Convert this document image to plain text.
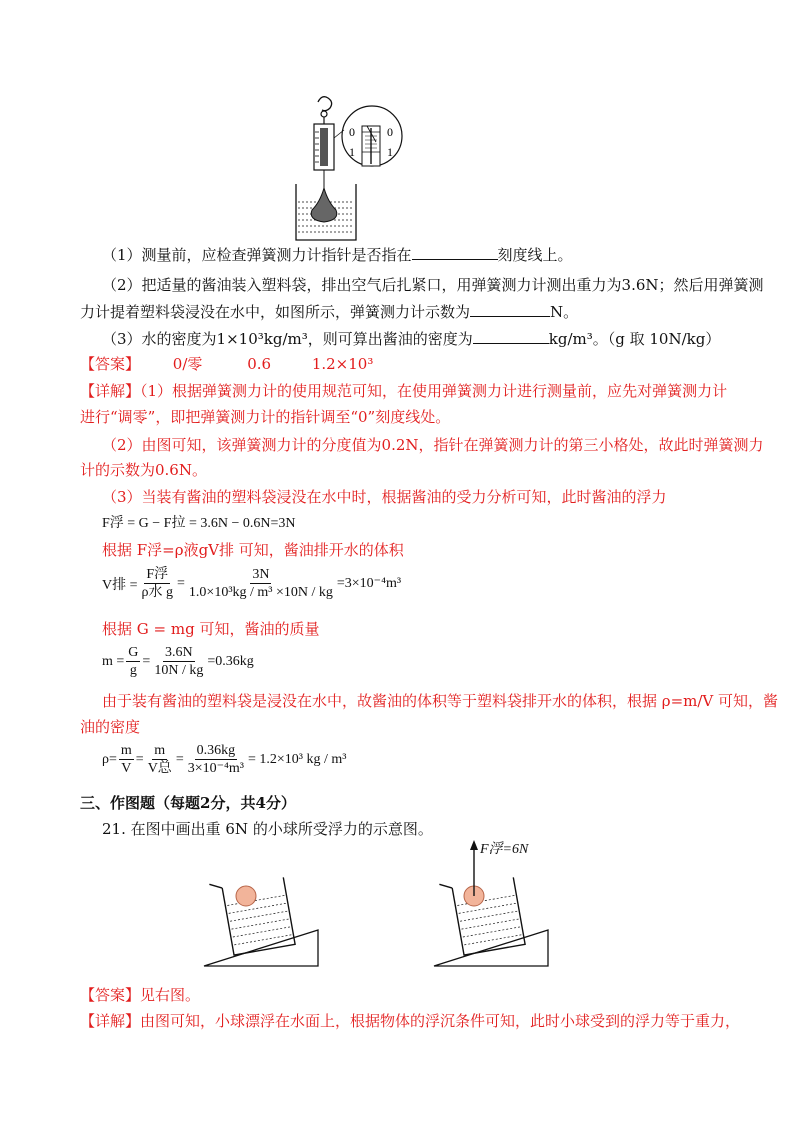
0	0
1	1
（1）测量前，应检查弹簧测力计指针是否指在	刻度线上。
（2）把适量的酱油装入塑料袋，排出空气后扎紧口，用弹簧测力计测出重力为3.6N；然后用弹簧测
力计提着塑料袋浸没在水中，如图所示，弹簧测力计示数为	N。
（3）水的密度为1×10³kg/m³，则可算出酱油的密度为	kg/m³。（g 取 10N/kg）
【答案】 0/零	0.6	1.2×10³
【详解】（1）根据弹簧测力计的使用规范可知，在使用弹簧测力计进行测量前，应先对弹簧测力计
进行“调零”，即把弹簧测力计的指针调至“0”刻度线处。
（2）由图可知，该弹簧测力计的分度值为0.2N，指针在弹簧测力计的第三小格处，故此时弹簧测力
计的示数为0.6N。
（3）当装有酱油的塑料袋浸没在水中时，根据酱油的受力分析可知，此时酱油的浮力
F浮 = G − F拉 = 3.6N − 0.6N=3N
根据 F浮=ρ液gV排 可知，酱油排开水的体积
V排 = $\frac{\text{F浮}}{\text{ρ水 g}} = \frac{3N}{\text{1.0×10³kg / m³ ×10N / kg}} =3\times 10^{-4}m^3$
根据 G = mg 可知，酱油的质量
$m = \frac{G}{g} = \frac{3.6N}{10N / kg} =0.36kg$
由于装有酱油的塑料袋是浸没在水中，故酱油的体积等于塑料袋排开水的体积，根据 ρ=m/V 可知，酱
油的密度
$\rho= \frac{m}{V} = \frac{m}{\text{V总}} = \frac{0.36kg}{\text{3×10⁻⁴m³}} = 1.2\times 10^3$ kg / m³
三、作图题（每题2分，共4分）
21. 在图中画出重 6N 的小球所受浮力的示意图。
F浮=6N
【答案】见右图。
【详解】由图可知，小球漂浮在水面上，根据物体的浮沉条件可知，此时小球受到的浮力等于重力，
